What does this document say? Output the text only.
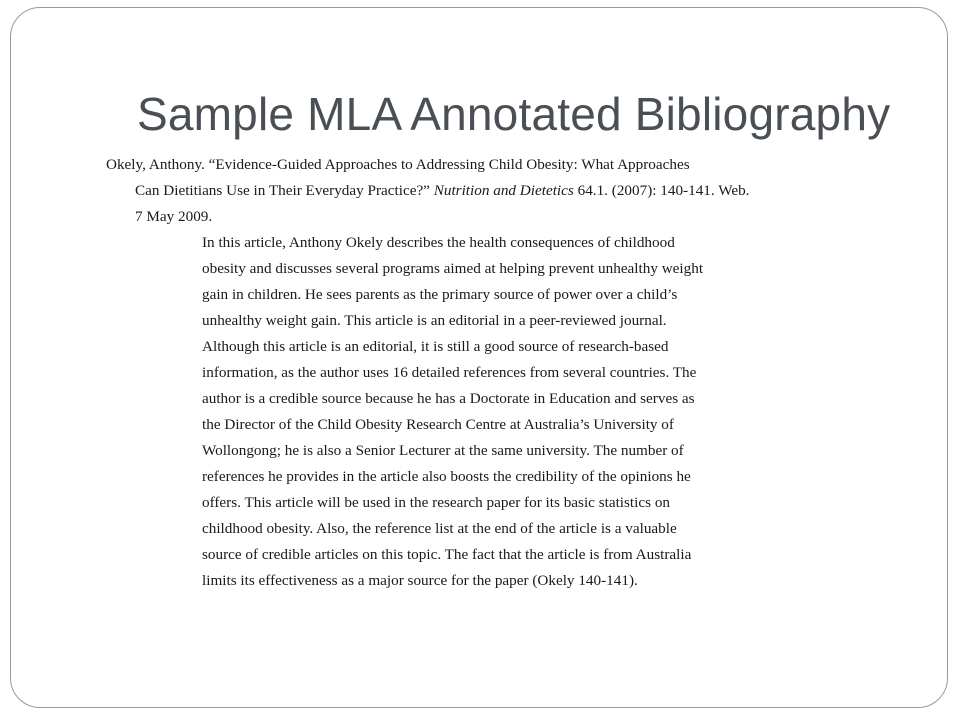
Sample MLA Annotated Bibliography
Okely, Anthony. “Evidence-Guided Approaches to Addressing Child Obesity: What Approaches
Can Dietitians Use in Their Everyday Practice?” Nutrition and Dietetics 64.1. (2007): 140-141. Web.
7 May 2009.
In this article, Anthony Okely describes the health consequences of childhood
obesity and discusses several programs aimed at helping prevent unhealthy weight
gain in children. He sees parents as the primary source of power over a child’s
unhealthy weight gain. This article is an editorial in a peer-reviewed journal.
Although this article is an editorial, it is still a good source of research-based
information, as the author uses 16 detailed references from several countries. The
author is a credible source because he has a Doctorate in Education and serves as
the Director of the Child Obesity Research Centre at Australia’s University of
Wollongong; he is also a Senior Lecturer at the same university. The number of
references he provides in the article also boosts the credibility of the opinions he
offers. This article will be used in the research paper for its basic statistics on
childhood obesity. Also, the reference list at the end of the article is a valuable
source of credible articles on this topic. The fact that the article is from Australia
limits its effectiveness as a major source for the paper (Okely 140-141).
